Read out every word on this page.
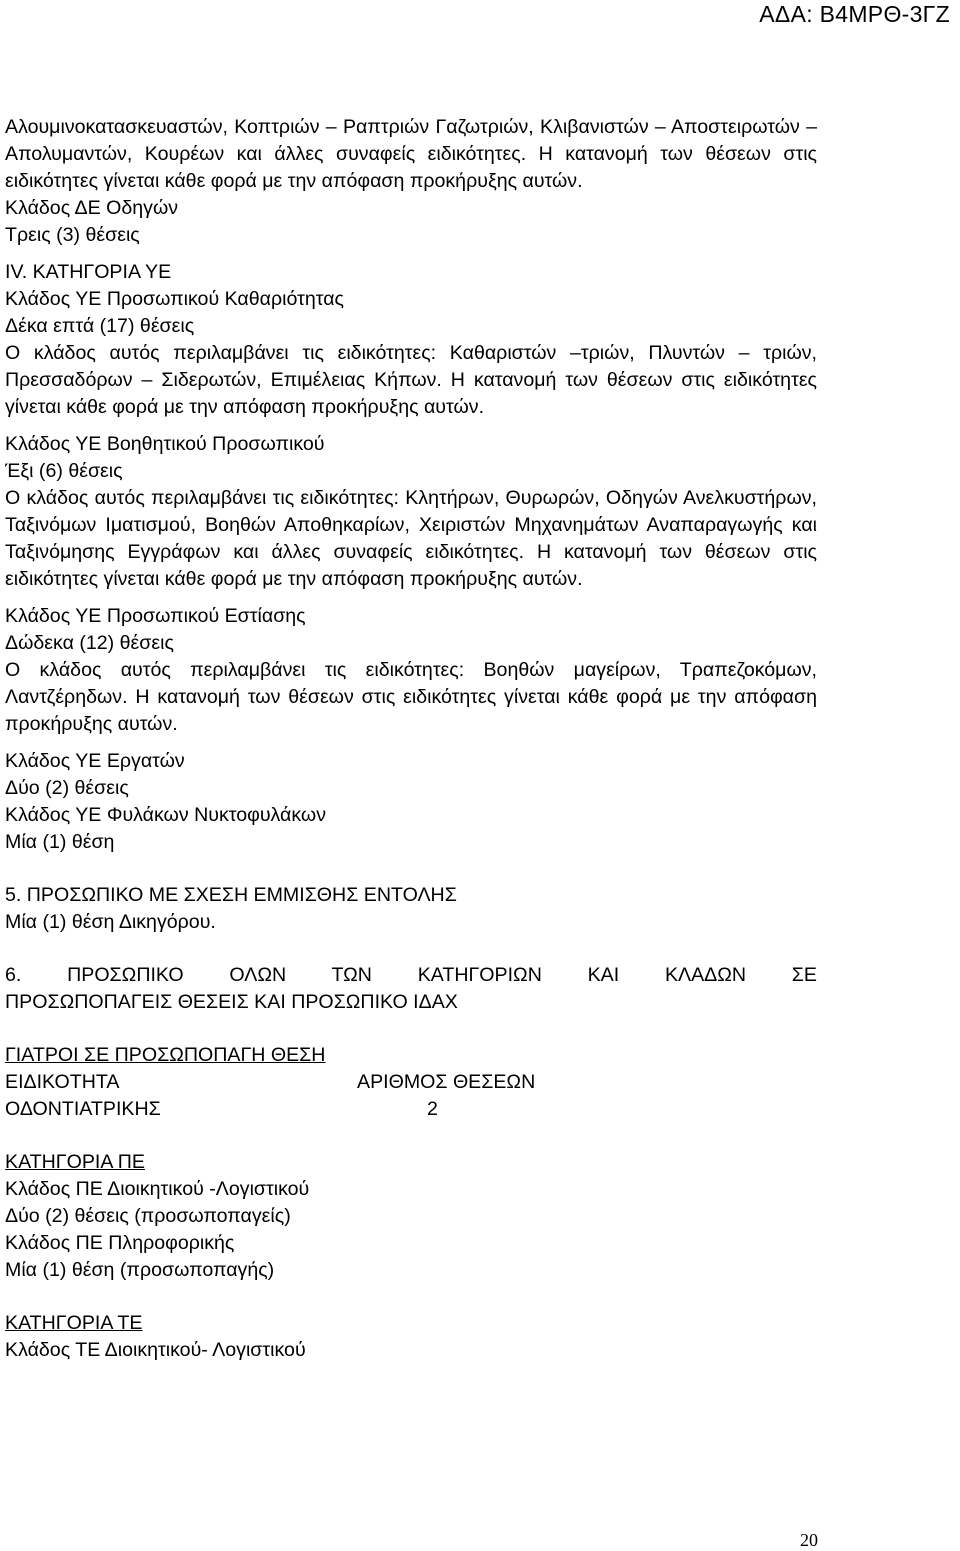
ΑΔΑ: Β4ΜΡΘ-3ΓΖ

Αλουμινοκατασκευαστών, Κοπτριών – Ραπτριών Γαζωτριών, Κλιβανιστών – Αποστειρωτών – Απολυμαντών, Κουρέων και άλλες συναφείς ειδικότητες. Η κατανομή των θέσεων στις ειδικότητες γίνεται κάθε φορά με την απόφαση προκήρυξης αυτών.

Κλάδος ΔΕ Οδηγών

Τρεις (3) θέσεις

IV. ΚΑΤΗΓΟΡΙΑ ΥΕ

Κλάδος ΥΕ Προσωπικού Καθαριότητας

Δέκα επτά (17) θέσεις

Ο κλάδος αυτός περιλαμβάνει τις ειδικότητες: Καθαριστών –τριών, Πλυντών – τριών, Πρεσσαδόρων – Σιδερωτών, Επιμέλειας Κήπων. Η κατανομή των θέσεων στις ειδικότητες γίνεται κάθε φορά με την απόφαση προκήρυξης αυτών.

Κλάδος ΥΕ Βοηθητικού Προσωπικού

Έξι (6) θέσεις

Ο κλάδος αυτός περιλαμβάνει τις ειδικότητες: Κλητήρων, Θυρωρών, Οδηγών Ανελκυστήρων, Ταξινόμων Ιματισμού, Βοηθών Αποθηκαρίων, Χειριστών Μηχανημάτων Αναπαραγωγής και Ταξινόμησης Εγγράφων και άλλες συναφείς ειδικότητες. Η κατανομή των θέσεων στις ειδικότητες γίνεται κάθε φορά με την απόφαση προκήρυξης αυτών.

Κλάδος ΥΕ Προσωπικού Εστίασης

Δώδεκα (12) θέσεις

Ο κλάδος αυτός περιλαμβάνει τις ειδικότητες: Βοηθών μαγείρων, Τραπεζοκόμων, Λαντζέρηδων. Η κατανομή των θέσεων στις ειδικότητες γίνεται κάθε φορά με την απόφαση προκήρυξης αυτών.

Κλάδος ΥΕ Εργατών

Δύο (2) θέσεις

Κλάδος ΥΕ Φυλάκων Νυκτοφυλάκων

Μία (1) θέση

5. ΠΡΟΣΩΠΙΚΟ ΜΕ ΣΧΕΣΗ ΕΜΜΙΣΘΗΣ ΕΝΤΟΛΗΣ

Μία (1) θέση Δικηγόρου.

6. ΠΡΟΣΩΠΙΚΟ ΟΛΩΝ ΤΩΝ ΚΑΤΗΓΟΡΙΩΝ ΚΑΙ ΚΛΑΔΩΝ ΣΕ

ΠΡΟΣΩΠΟΠΑΓΕΙΣ ΘΕΣΕΙΣ ΚΑΙ ΠΡΟΣΩΠΙΚΟ ΙΔΑΧ

ΓΙΑΤΡΟΙ ΣΕ ΠΡΟΣΩΠΟΠΑΓΗ ΘΕΣΗ

ΕΙΔΙΚΟΤΗΤΑ	ΑΡΙΘΜΟΣ ΘΕΣΕΩΝ
ΟΔΟΝΤΙΑΤΡΙΚΗΣ	2

ΚΑΤΗΓΟΡΙΑ ΠΕ

Κλάδος ΠΕ Διοικητικού -Λογιστικού

Δύο (2) θέσεις (προσωποπαγείς)

Κλάδος ΠΕ Πληροφορικής

Μία (1) θέση (προσωποπαγής)

ΚΑΤΗΓΟΡΙΑ ΤΕ

Κλάδος ΤΕ Διοικητικού- Λογιστικού

20
